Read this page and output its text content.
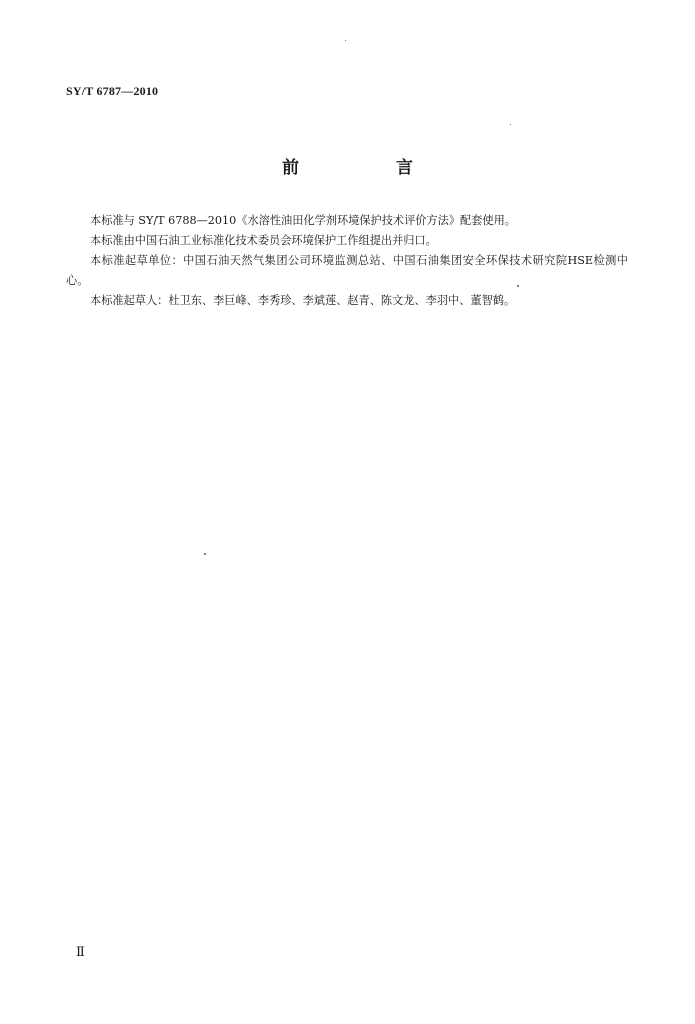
SY/T 6787—2010
前　言

本标准与 SY/T 6788—2010《水溶性油田化学剂环境保护技术评价方法》配套使用。

本标准由中国石油工业标准化技术委员会环境保护工作组提出并归口。

本标准起草单位：中国石油天然气集团公司环境监测总站、中国石油集团安全环保技术研究院HSE检测中心。

本标准起草人：杜卫东、李巨峰、李秀珍、李斌莲、赵青、陈文龙、李羽中、董智鹤。

Ⅱ
